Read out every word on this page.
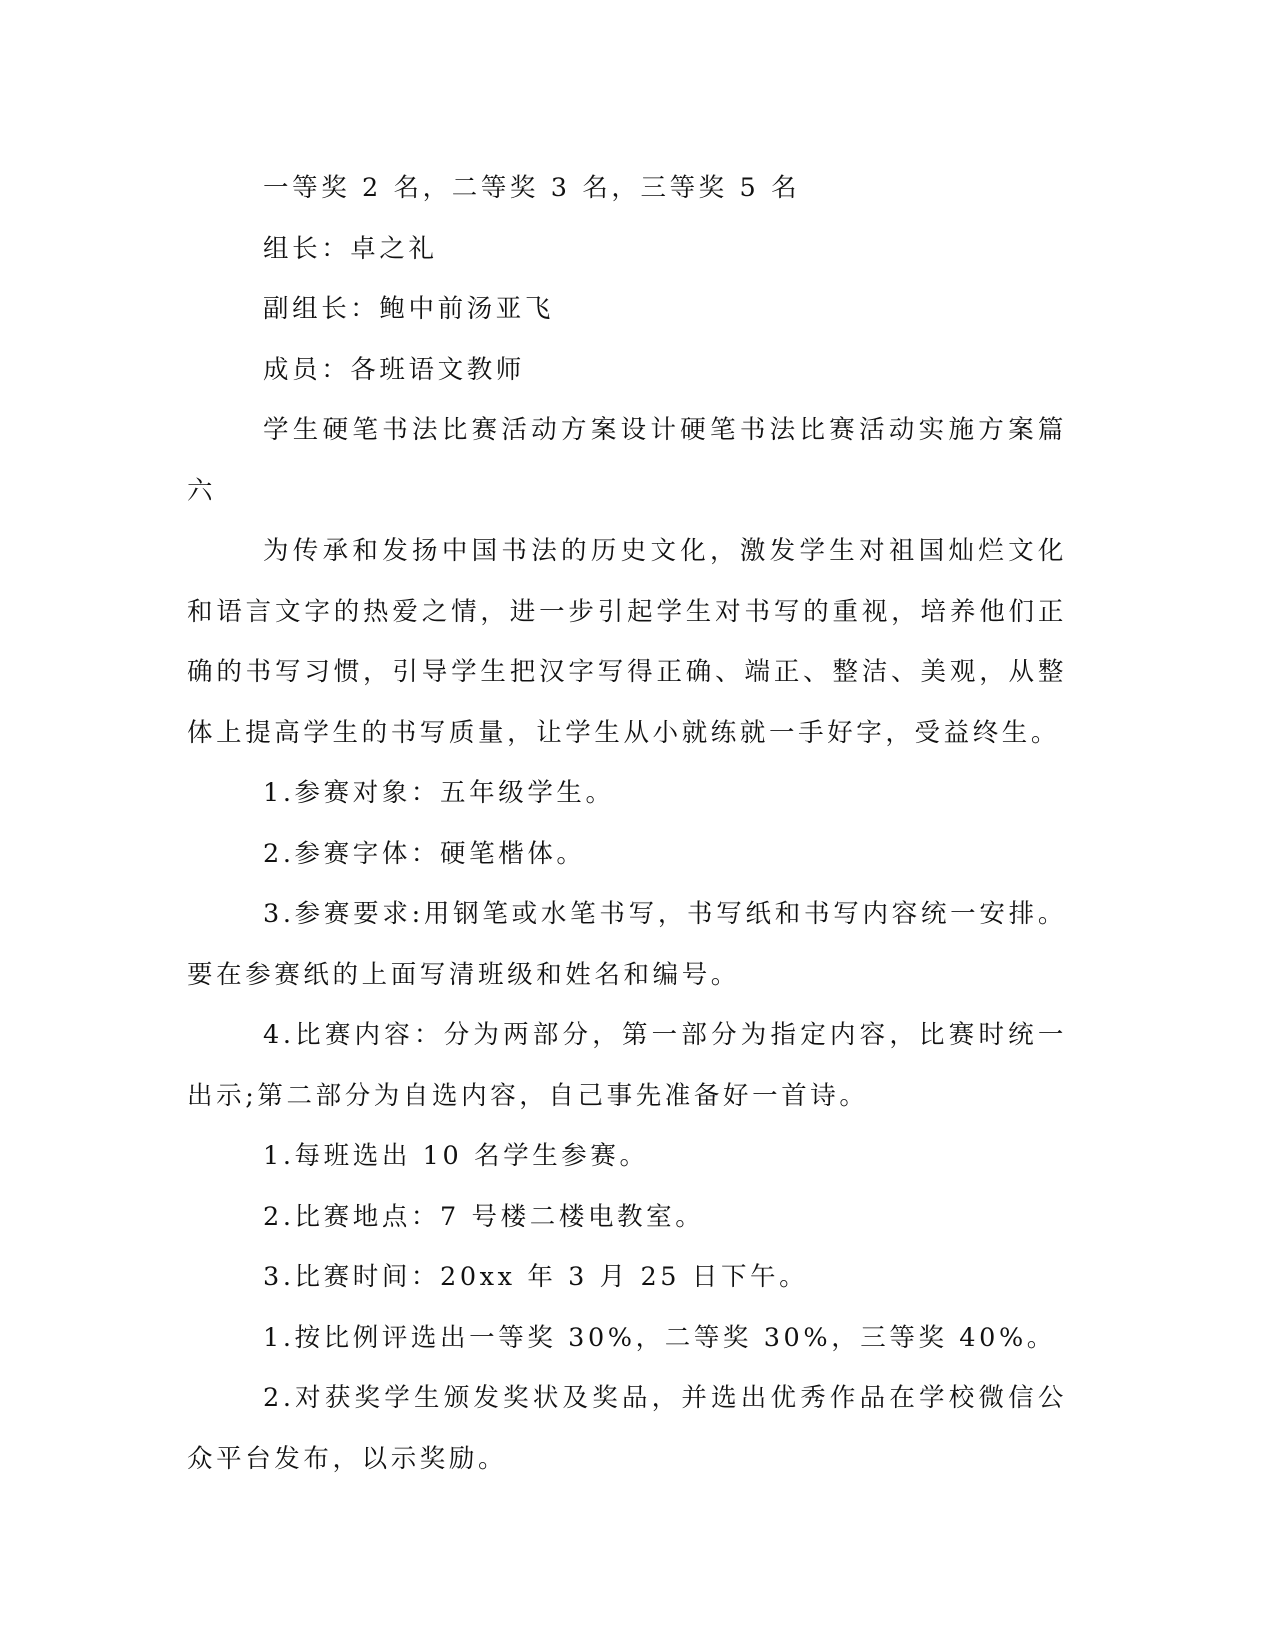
一等奖 2 名，二等奖 3 名，三等奖 5 名

组长：卓之礼

副组长：鲍中前汤亚飞

成员：各班语文教师

学生硬笔书法比赛活动方案设计硬笔书法比赛活动实施方案篇六

为传承和发扬中国书法的历史文化，激发学生对祖国灿烂文化和语言文字的热爱之情，进一步引起学生对书写的重视，培养他们正确的书写习惯，引导学生把汉字写得正确、端正、整洁、美观，从整体上提高学生的书写质量，让学生从小就练就一手好字，受益终生。

1.参赛对象：五年级学生。

2.参赛字体：硬笔楷体。

3.参赛要求:用钢笔或水笔书写，书写纸和书写内容统一安排。要在参赛纸的上面写清班级和姓名和编号。

4.比赛内容：分为两部分，第一部分为指定内容，比赛时统一出示;第二部分为自选内容，自己事先准备好一首诗。

1.每班选出 10 名学生参赛。

2.比赛地点：7 号楼二楼电教室。

3.比赛时间：20xx 年 3 月 25 日下午。

1.按比例评选出一等奖 30%，二等奖 30%，三等奖 40%。

2.对获奖学生颁发奖状及奖品，并选出优秀作品在学校微信公众平台发布，以示奖励。
